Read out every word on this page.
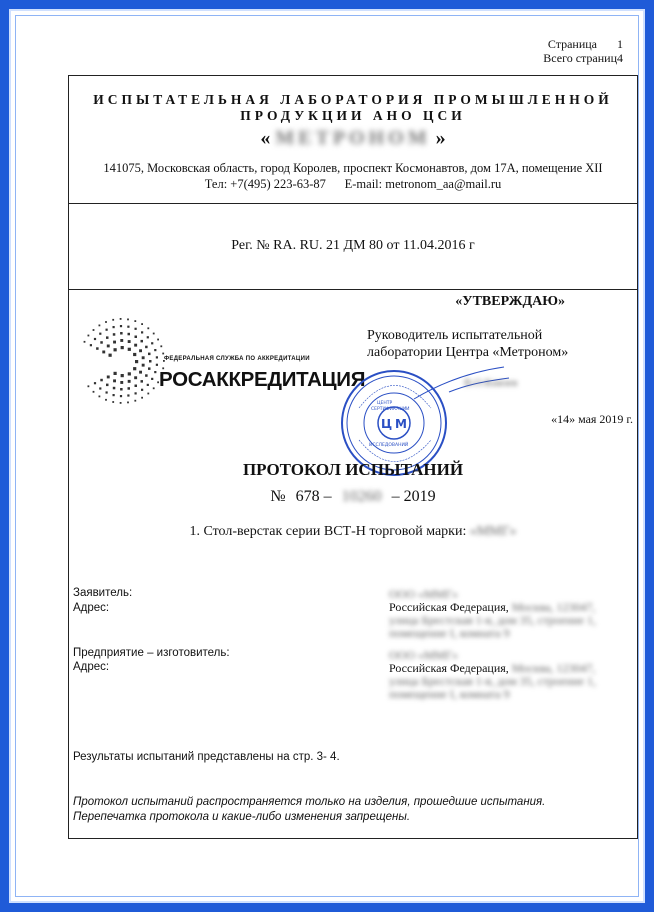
Страница 1
Всего страниц4
ИСПЫТАТЕЛЬНАЯ ЛАБОРАТОРИЯ ПРОМЫШЛЕННОЙ ПРОДУКЦИИ АНО ЦСИ
« МЕТРОНОМ »
141075, Московская область, город Королев, проспект Космонавтов, дом 17А, помещение XII
Тел: +7(495) 223-63-87 E-mail: metronom_aa@mail.ru
Рег. № RA. RU. 21 ДМ 80 от 11.04.2016 г
«УТВЕРЖДАЮ»
ФЕДЕРАЛЬНАЯ СЛУЖБА ПО АККРЕДИТАЦИИ
РОСАККРЕДИТАЦИЯ
Руководитель испытательной
лаборатории Центра «Метроном»
Ц М
ЦЕНТР
СЕРТИФИКАЦИИ
ИССЛЕДОВАНИЙ
В.О.Князев
«14» мая 2019 г.
ПРОТОКОЛ ИСПЫТАНИЙ
№ 678 – 10260 – 2019
1. Стол-верстак серии ВСТ-Н торговой марки: «ММГ»
Заявитель:
Адрес:
ООО «ММГ»
Российская Федерация, Москва, 123047,
улица Брестская 1-я, дом 35, строение 1, помещение I, комната 9
Предприятие – изготовитель:
Адрес:
ООО «ММГ»
Российская Федерация, Москва, 123047,
улица Брестская 1-я, дом 35, строение 1, помещение I, комната 9
Результаты испытаний представлены на стр. 3- 4.
Протокол испытаний распространяется только на изделия, прошедшие испытания.
Перепечатка протокола и какие-либо изменения запрещены.
